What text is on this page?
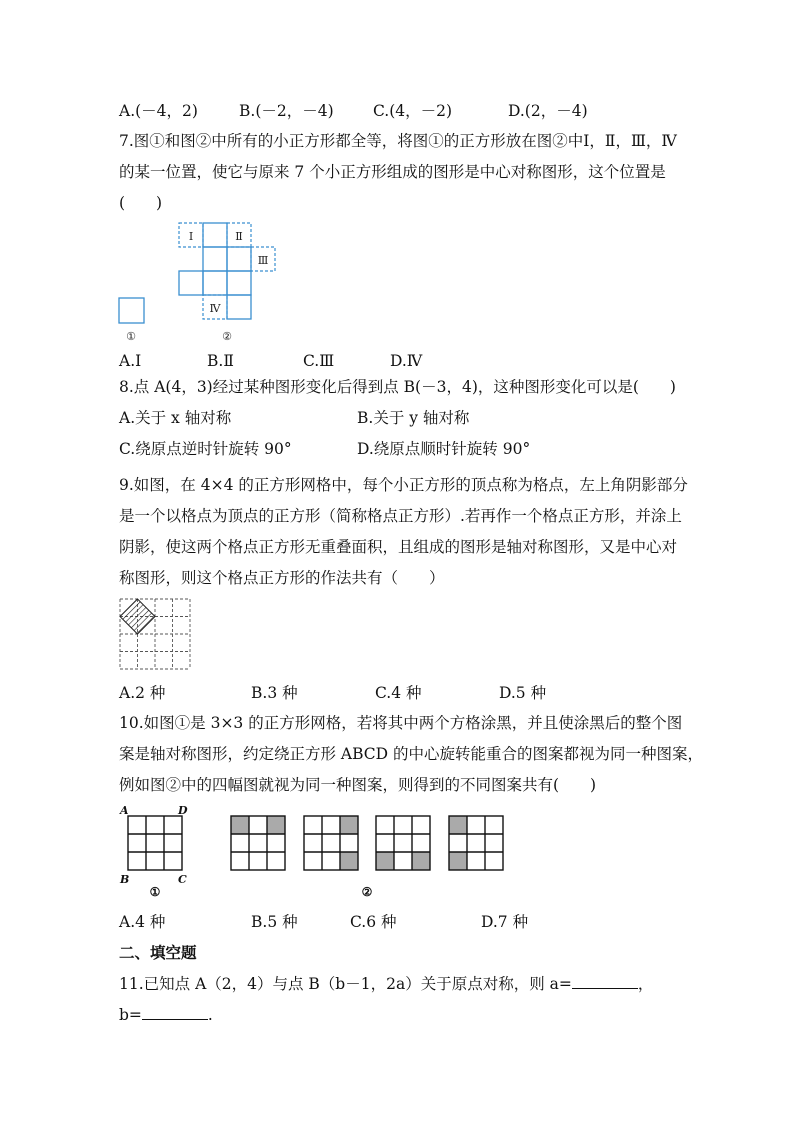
A.(－4，2)	B.(－2，－4)	C.(4，－2)	D.(2，－4)
7.图①和图②中所有的小正方形都全等，将图①的正方形放在图②中Ⅰ，Ⅱ，Ⅲ，Ⅳ
的某一位置，使它与原来 7 个小正方形组成的图形是中心对称图形，这个位置是
(　　)
Ⅰ	Ⅱ
Ⅲ
Ⅳ
①	②
A.Ⅰ	B.Ⅱ	C.Ⅲ	D.Ⅳ
8.点 A(4，3)经过某种图形变化后得到点 B(－3，4)，这种图形变化可以是(　　)
A.关于 x 轴对称	B.关于 y 轴对称
C.绕原点逆时针旋转 90°	D.绕原点顺时针旋转 90°
9.如图，在 4×4 的正方形网格中，每个小正方形的顶点称为格点，左上角阴影部分
是一个以格点为顶点的正方形（简称格点正方形）.若再作一个格点正方形，并涂上
阴影，使这两个格点正方形无重叠面积，且组成的图形是轴对称图形，又是中心对
称图形，则这个格点正方形的作法共有（　　）
A.2 种	B.3 种	C.4 种	D.5 种
10.如图①是 3×3 的正方形网格，若将其中两个方格涂黑，并且使涂黑后的整个图
案是轴对称图形，约定绕正方形 ABCD 的中心旋转能重合的图案都视为同一种图案，
例如图②中的四幅图就视为同一种图案，则得到的不同图案共有(　　)
A	D
B	C
①	②
A.4 种	B.5 种	C.6 种	D.7 种
二、填空题
11.已知点 A（2，4）与点 B（b－1，2a）关于原点对称，则 a=	，
b=	.
